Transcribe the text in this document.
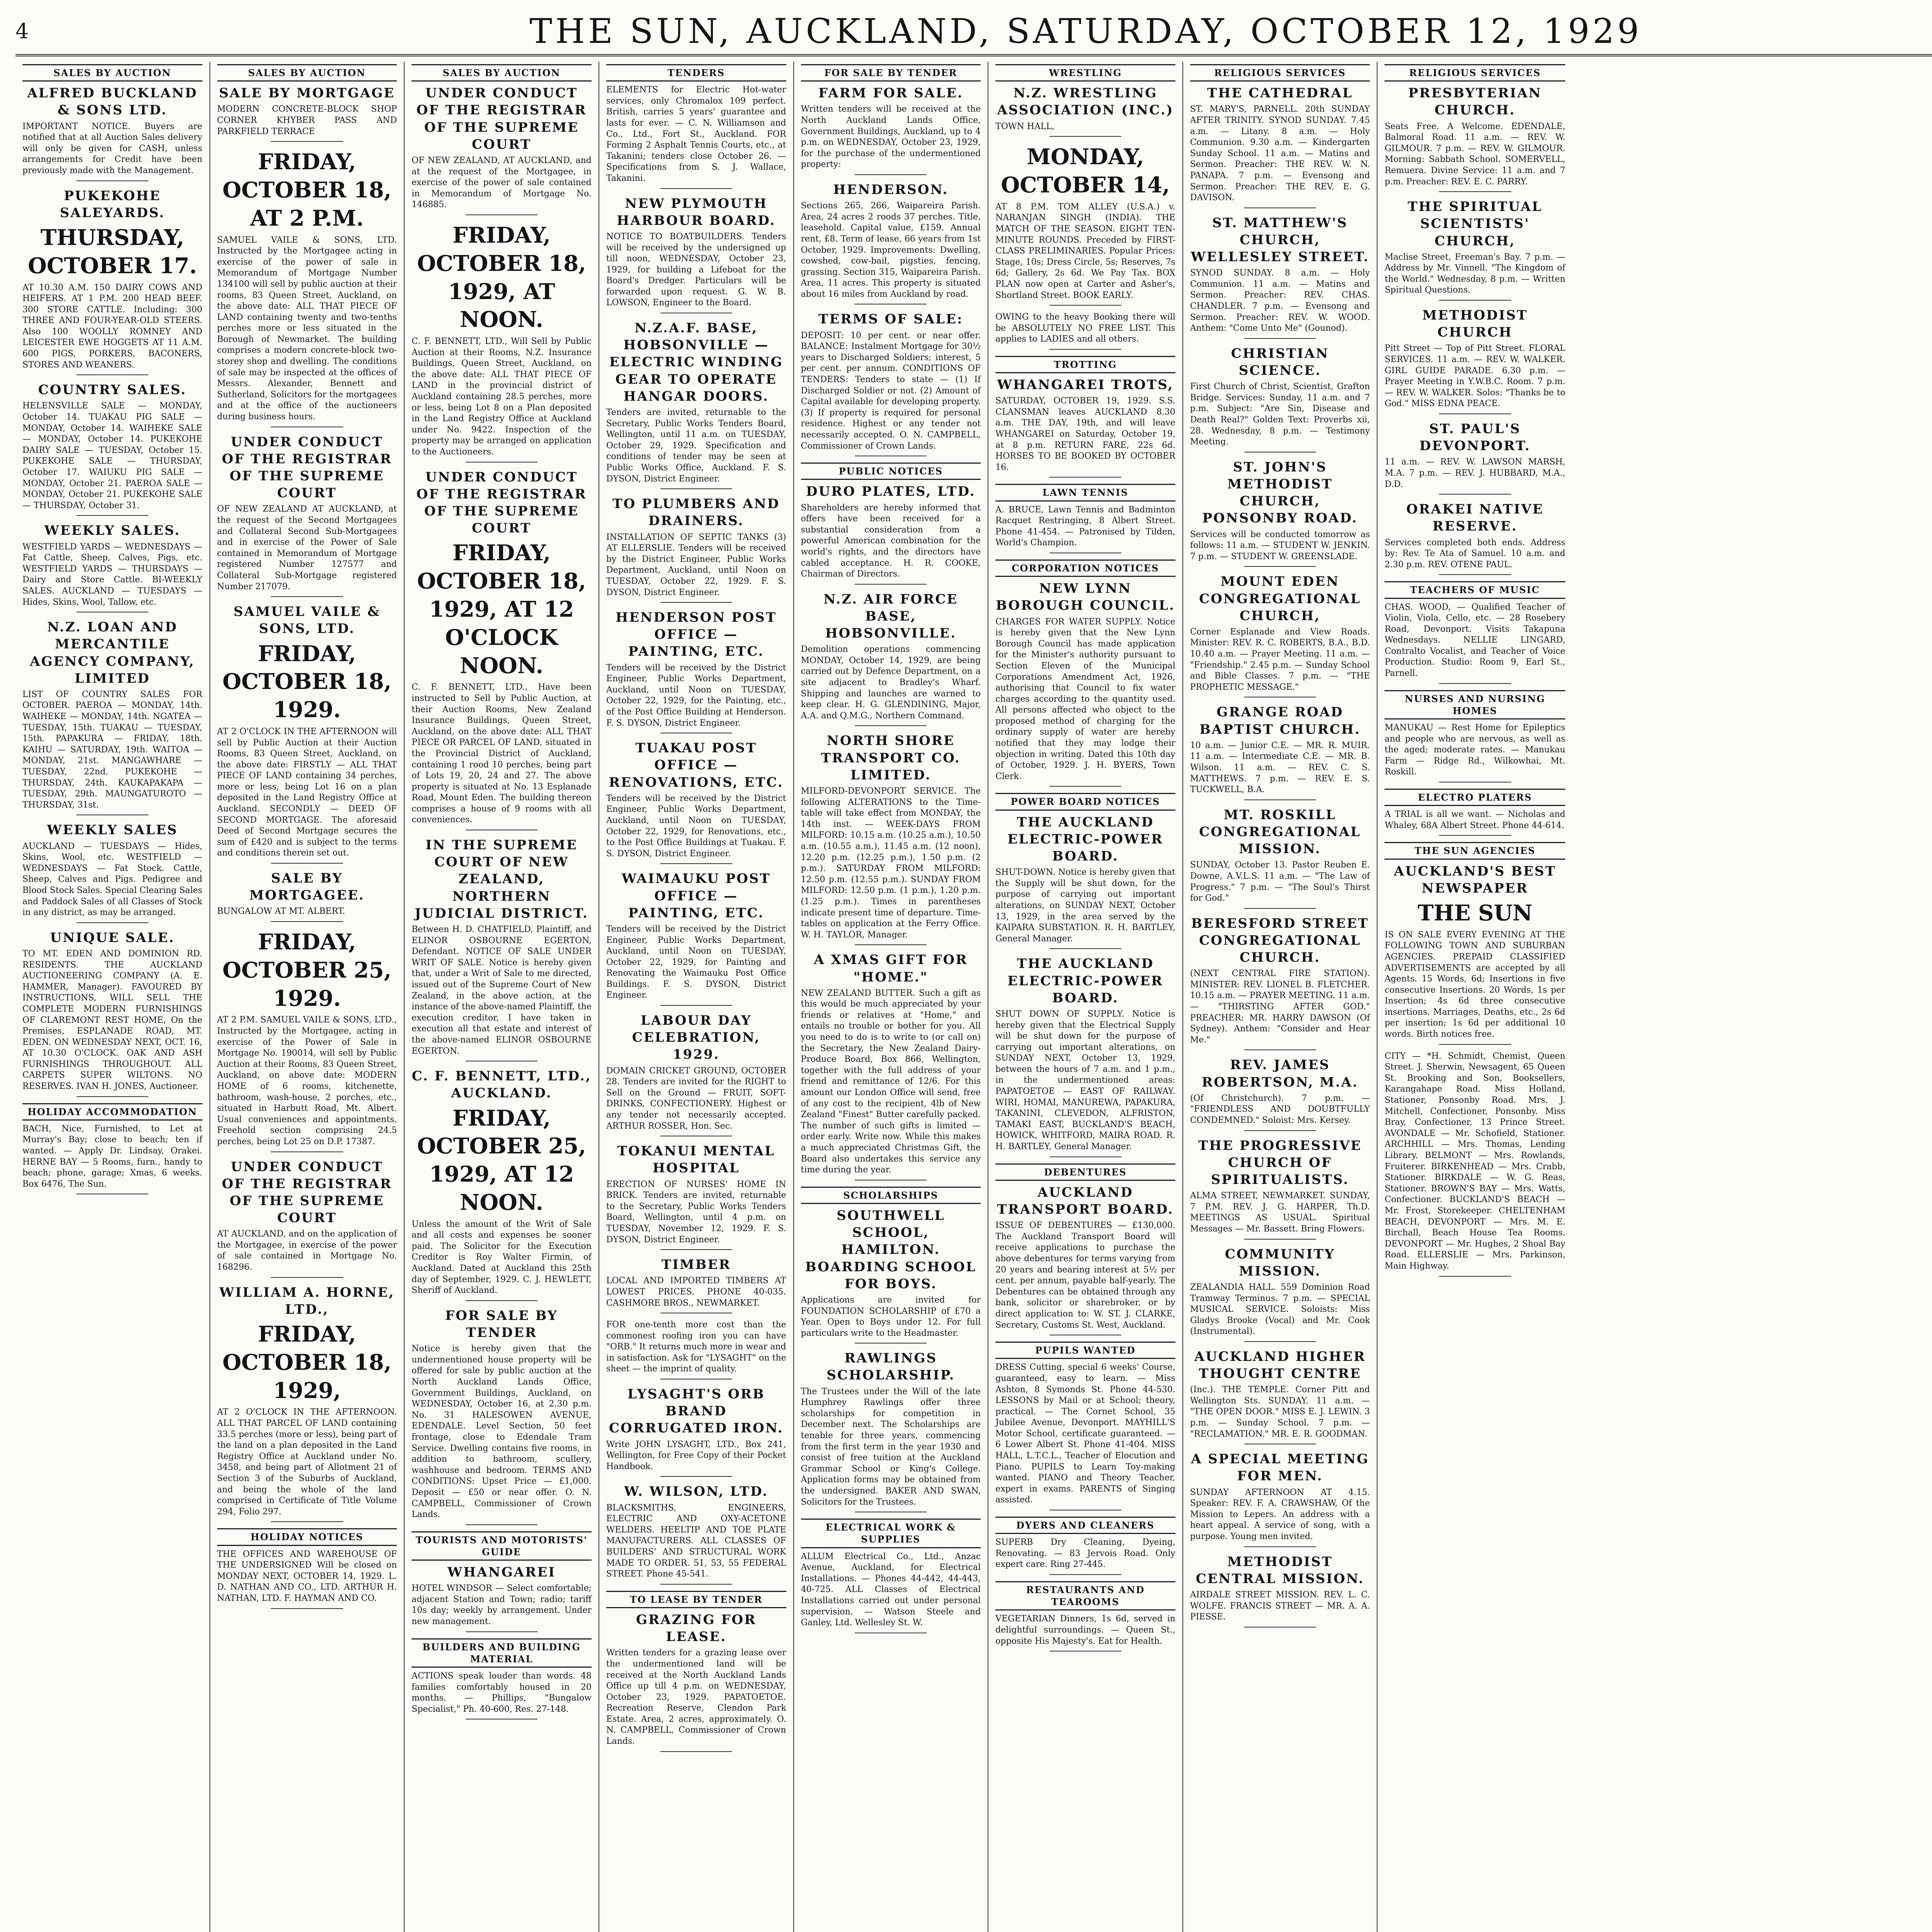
4	THE SUN, AUCKLAND, SATURDAY, OCTOBER 12, 1929
SALES BY AUCTION
ALFRED BUCKLAND & SONS LTD.
IMPORTANT NOTICE. Buyers are notified that at all Auction Sales delivery will only be given for CASH, unless arrangements for Credit have been previously made with the Management.
PUKEKOHE SALEYARDS.
THURSDAY, OCTOBER 17.
AT 10.30 A.M. 150 DAIRY COWS AND HEIFERS. AT 1 P.M. 200 HEAD BEEF. 300 STORE CATTLE. Including: 300 THREE AND FOUR-YEAR-OLD STEERS. Also 100 WOOLLY ROMNEY AND LEICESTER EWE HOGGETS AT 11 A.M. 600 PIGS, PORKERS, BACONERS, STORES AND WEANERS.
COUNTRY SALES.
HELENSVILLE SALE — MONDAY, October 14. TUAKAU PIG SALE — MONDAY, October 14. WAIHEKE SALE — MONDAY, October 14. PUKEKOHE DAIRY SALE — TUESDAY, October 15. PUKEKOHE SALE — THURSDAY, October 17. WAIUKU PIG SALE — MONDAY, October 21. PAEROA SALE — MONDAY, October 21. PUKEKOHE SALE — THURSDAY, October 31.
WEEKLY SALES.
WESTFIELD YARDS — WEDNESDAYS — Fat Cattle, Sheep, Calves, Pigs, etc. WESTFIELD YARDS — THURSDAYS — Dairy and Store Cattle. BI-WEEKLY SALES. AUCKLAND — TUESDAYS — Hides, Skins, Wool, Tallow, etc.
N.Z. LOAN AND MERCANTILE AGENCY COMPANY, LIMITED
LIST OF COUNTRY SALES FOR OCTOBER. PAEROA — MONDAY, 14th. WAIHEKE — MONDAY, 14th. NGATEA — TUESDAY, 15th. TUAKAU — TUESDAY, 15th. PAPAKURA — FRIDAY, 18th. KAIHU — SATURDAY, 19th. WAITOA — MONDAY, 21st. MANGAWHARE — TUESDAY, 22nd. PUKEKOHE — THURSDAY, 24th. KAUKAPAKAPA — TUESDAY, 29th. MAUNGATUROTO — THURSDAY, 31st.
WEEKLY SALES
AUCKLAND — TUESDAYS — Hides, Skins, Wool, etc. WESTFIELD — WEDNESDAYS — Fat Stock. Cattle, Sheep, Calves and Pigs. Pedigree and Blood Stock Sales. Special Clearing Sales and Paddock Sales of all Classes of Stock in any district, as may be arranged.
UNIQUE SALE.
TO MT. EDEN AND DOMINION RD. RESIDENTS. THE AUCKLAND AUCTIONEERING COMPANY (A. E. HAMMER, Manager). FAVOURED BY INSTRUCTIONS, WILL SELL THE COMPLETE MODERN FURNISHINGS OF CLAREMONT REST HOME, On the Premises, ESPLANADE ROAD, MT. EDEN. ON WEDNESDAY NEXT, OCT. 16, AT 10.30 O'CLOCK. OAK AND ASH FURNISHINGS THROUGHOUT. ALL CARPETS SUPER WILTONS. NO RESERVES. IVAN H. JONES, Auctioneer.
HOLIDAY ACCOMMODATION
BACH, Nice, Furnished, to Let at Murray's Bay; close to beach; ten if wanted. — Apply Dr. Lindsay, Orakei. HERNE BAY — 5 Rooms, furn., handy to beach; phone, garage; Xmas, 6 weeks. Box 6476, The Sun.
SALES BY AUCTION
SALE BY MORTGAGE
MODERN CONCRETE-BLOCK SHOP CORNER KHYBER PASS AND PARKFIELD TERRACE
FRIDAY, OCTOBER 18, AT 2 P.M.
SAMUEL VAILE & SONS, LTD. Instructed by the Mortgagee acting in exercise of the power of sale in Memorandum of Mortgage Number 134100 will sell by public auction at their rooms, 83 Queen Street, Auckland, on the above date: ALL THAT PIECE OF LAND containing twenty and two-tenths perches more or less situated in the Borough of Newmarket. The building comprises a modern concrete-block two-storey shop and dwelling. The conditions of sale may be inspected at the offices of Messrs. Alexander, Bennett and Sutherland, Solicitors for the mortgagees and at the office of the auctioneers during business hours.
UNDER CONDUCT OF THE REGISTRAR OF THE SUPREME COURT
OF NEW ZEALAND AT AUCKLAND, at the request of the Second Mortgagees and Collateral Second Sub-Mortgagees and in exercise of the Power of Sale contained in Memorandum of Mortgage registered Number 127577 and Collateral Sub-Mortgage registered Number 217079.
SAMUEL VAILE & SONS, LTD.
FRIDAY, OCTOBER 18, 1929.
AT 2 O'CLOCK IN THE AFTERNOON will sell by Public Auction at their Auction Rooms, 83 Queen Street, Auckland, on the above date: FIRSTLY — ALL THAT PIECE OF LAND containing 34 perches, more or less, being Lot 16 on a plan deposited in the Land Registry Office at Auckland. SECONDLY — DEED OF SECOND MORTGAGE. The aforesaid Deed of Second Mortgage secures the sum of £420 and is subject to the terms and conditions therein set out.
SALE BY MORTGAGEE.
BUNGALOW AT MT. ALBERT.
FRIDAY, OCTOBER 25, 1929.
AT 2 P.M. SAMUEL VAILE & SONS, LTD., Instructed by the Mortgagee, acting in exercise of the Power of Sale in Mortgage No. 190014, will sell by Public Auction at their Rooms, 83 Queen Street, Auckland, on above date: MODERN HOME of 6 rooms, kitchenette, bathroom, wash-house, 2 porches, etc., situated in Harbutt Road, Mt. Albert. Usual conveniences and appointments. Freehold section comprising 24.5 perches, being Lot 25 on D.P. 17387.
UNDER CONDUCT OF THE REGISTRAR OF THE SUPREME COURT
AT AUCKLAND, and on the application of the Mortgagee, in exercise of the power of sale contained in Mortgage No. 168296.
WILLIAM A. HORNE, LTD.,
FRIDAY, OCTOBER 18, 1929,
AT 2 O'CLOCK IN THE AFTERNOON. ALL THAT PARCEL OF LAND containing 33.5 perches (more or less), being part of the land on a plan deposited in the Land Registry Office at Auckland under No. 3458, and being part of Allotment 21 of Section 3 of the Suburbs of Auckland, and being the whole of the land comprised in Certificate of Title Volume 294, Folio 297.
HOLIDAY NOTICES
THE OFFICES AND WAREHOUSE OF THE UNDERSIGNED Will be closed on MONDAY NEXT, OCTOBER 14, 1929. L. D. NATHAN AND CO., LTD. ARTHUR H. NATHAN, LTD. F. HAYMAN AND CO.
SALES BY AUCTION
UNDER CONDUCT OF THE REGISTRAR OF THE SUPREME COURT
OF NEW ZEALAND, AT AUCKLAND, and at the request of the Mortgagee, in exercise of the power of sale contained in Memorandum of Mortgage No. 146885.
FRIDAY, OCTOBER 18, 1929, AT NOON.
C. F. BENNETT, LTD., Will Sell by Public Auction at their Rooms, N.Z. Insurance Buildings, Queen Street, Auckland, on the above date: ALL THAT PIECE OF LAND in the provincial district of Auckland containing 28.5 perches, more or less, being Lot 8 on a Plan deposited in the Land Registry Office at Auckland under No. 9422. Inspection of the property may be arranged on application to the Auctioneers.
UNDER CONDUCT OF THE REGISTRAR OF THE SUPREME COURT
FRIDAY, OCTOBER 18, 1929, AT 12 O'CLOCK NOON.
C. F. BENNETT, LTD., Have been instructed to Sell by Public Auction, at their Auction Rooms, New Zealand Insurance Buildings, Queen Street, Auckland, on the above date: ALL THAT PIECE OR PARCEL OF LAND, situated in the Provincial District of Auckland, containing 1 rood 10 perches, being part of Lots 19, 20, 24 and 27. The above property is situated at No. 13 Esplanade Road, Mount Eden. The building thereon comprises a house of 9 rooms with all conveniences.
IN THE SUPREME COURT OF NEW ZEALAND, NORTHERN JUDICIAL DISTRICT.
Between H. D. CHATFIELD, Plaintiff, and ELINOR OSBOURNE EGERTON, Defendant. NOTICE OF SALE UNDER WRIT OF SALE. Notice is hereby given that, under a Writ of Sale to me directed, issued out of the Supreme Court of New Zealand, in the above action, at the instance of the above-named Plaintiff, the execution creditor, I have taken in execution all that estate and interest of the above-named ELINOR OSBOURNE EGERTON.
C. F. BENNETT, LTD., AUCKLAND.
FRIDAY, OCTOBER 25, 1929, AT 12 NOON.
Unless the amount of the Writ of Sale and all costs and expenses be sooner paid. The Solicitor for the Execution Creditor is Roy Walter Firmin, of Auckland. Dated at Auckland this 25th day of September, 1929. C. J. HEWLETT, Sheriff of Auckland.
FOR SALE BY TENDER
Notice is hereby given that the undermentioned house property will be offered for sale by public auction at the North Auckland Lands Office, Government Buildings, Auckland, on WEDNESDAY, October 16, at 2.30 p.m. No. 31 HALESOWEN AVENUE, EDENDALE. Level Section, 50 feet frontage, close to Edendale Tram Service. Dwelling contains five rooms, in addition to bathroom, scullery, washhouse and bedroom. TERMS AND CONDITIONS: Upset Price — £1,000. Deposit — £50 or near offer. O. N. CAMPBELL, Commissioner of Crown Lands.
TOURISTS AND MOTORISTS' GUIDE
WHANGAREI
HOTEL WINDSOR — Select comfortable; adjacent Station and Town; radio; tariff 10s day; weekly by arrangement. Under new management.
BUILDERS AND BUILDING MATERIAL
ACTIONS speak louder than words. 48 families comfortably housed in 20 months. — Phillips, "Bungalow Specialist," Ph. 40-600, Res. 27-148.
TENDERS
ELEMENTS for Electric Hot-water services, only Chromalox 109 perfect. British, carries 5 years' guarantee and lasts for ever. — C. N. Williamson and Co., Ltd., Fort St., Auckland. FOR Forming 2 Asphalt Tennis Courts, etc., at Takanini; tenders close October 26. — Specifications from S. J. Wallace, Takanini.
NEW PLYMOUTH HARBOUR BOARD.
NOTICE TO BOATBUILDERS. Tenders will be received by the undersigned up till noon, WEDNESDAY, October 23, 1929, for building a Lifeboat for the Board's Dredger. Particulars will be forwarded upon request. G. W. B. LOWSON, Engineer to the Board.
N.Z.A.F. BASE, HOBSONVILLE — ELECTRIC WINDING GEAR TO OPERATE HANGAR DOORS.
Tenders are invited, returnable to the Secretary, Public Works Tenders Board, Wellington, until 11 a.m. on TUESDAY, October 29, 1929. Specification and conditions of tender may be seen at Public Works Office, Auckland. F. S. DYSON, District Engineer.
TO PLUMBERS AND DRAINERS.
INSTALLATION OF SEPTIC TANKS (3) AT ELLERSLIE. Tenders will be received by the District Engineer, Public Works Department, Auckland, until Noon on TUESDAY, October 22, 1929. F. S. DYSON, District Engineer.
HENDERSON POST OFFICE — PAINTING, ETC.
Tenders will be received by the District Engineer, Public Works Department, Auckland, until Noon on TUESDAY, October 22, 1929, for the Painting, etc., of the Post Office Building at Henderson. F. S. DYSON, District Engineer.
TUAKAU POST OFFICE — RENOVATIONS, ETC.
Tenders will be received by the District Engineer, Public Works Department, Auckland, until Noon on TUESDAY, October 22, 1929, for Renovations, etc., to the Post Office Buildings at Tuakau. F. S. DYSON, District Engineer.
WAIMAUKU POST OFFICE — PAINTING, ETC.
Tenders will be received by the District Engineer, Public Works Department, Auckland, until Noon on TUESDAY, October 22, 1929, for Painting and Renovating the Waimauku Post Office Buildings. F. S. DYSON, District Engineer.
LABOUR DAY CELEBRATION, 1929.
DOMAIN CRICKET GROUND, OCTOBER 28. Tenders are invited for the RIGHT to Sell on the Ground — FRUIT, SOFT-DRINKS, CONFECTIONERY. Highest or any tender not necessarily accepted. ARTHUR ROSSER, Hon. Sec.
TOKANUI MENTAL HOSPITAL
ERECTION OF NURSES' HOME IN BRICK. Tenders are invited, returnable to the Secretary, Public Works Tenders Board, Wellington, until 4 p.m. on TUESDAY, November 12, 1929. F. S. DYSON, District Engineer.
TIMBER
LOCAL AND IMPORTED TIMBERS AT LOWEST PRICES. PHONE 40-035. CASHMORE BROS., NEWMARKET.
FOR one-tenth more cost than the commonest roofing iron you can have "ORB." It returns much more in wear and in satisfaction. Ask for "LYSAGHT" on the sheet — the imprint of quality.
LYSAGHT'S ORB BRAND CORRUGATED IRON.
Write JOHN LYSAGHT, LTD., Box 241, Wellington, for Free Copy of their Pocket Handbook.
W. WILSON, LTD.
BLACKSMITHS, ENGINEERS, ELECTRIC AND OXY-ACETONE WELDERS. HEELTIP AND TOE PLATE MANUFACTURERS. ALL CLASSES OF BUILDERS' AND STRUCTURAL WORK MADE TO ORDER. 51, 53, 55 FEDERAL STREET. Phone 45-541.
TO LEASE BY TENDER
GRAZING FOR LEASE.
Written tenders for a grazing lease over the undermentioned land will be received at the North Auckland Lands Office up till 4 p.m. on WEDNESDAY, October 23, 1929. PAPATOETOE. Recreation Reserve, Clendon Park Estate. Area, 2 acres, approximately. O. N. CAMPBELL, Commissioner of Crown Lands.
FOR SALE BY TENDER
FARM FOR SALE.
Written tenders will be received at the North Auckland Lands Office, Government Buildings, Auckland, up to 4 p.m. on WEDNESDAY, October 23, 1929, for the purchase of the undermentioned property:
HENDERSON.
Sections 265, 266, Waipareira Parish. Area, 24 acres 2 roods 37 perches. Title, leasehold. Capital value, £159. Annual rent, £8. Term of lease, 66 years from 1st October, 1929. Improvements: Dwelling, cowshed, cow-bail, pigsties, fencing, grassing. Section 315, Waipareira Parish. Area, 11 acres. This property is situated about 16 miles from Auckland by road.
TERMS OF SALE:
DEPOSIT: 10 per cent. or near offer. BALANCE: Instalment Mortgage for 30½ years to Discharged Soldiers; interest, 5 per cent. per annum. CONDITIONS OF TENDERS: Tenders to state — (1) If Discharged Soldier or not. (2) Amount of Capital available for developing property. (3) If property is required for personal residence. Highest or any tender not necessarily accepted. O. N. CAMPBELL, Commissioner of Crown Lands.
PUBLIC NOTICES
DURO PLATES, LTD.
Shareholders are hereby informed that offers have been received for a substantial consideration from a powerful American combination for the world's rights, and the directors have cabled acceptance. H. R. COOKE, Chairman of Directors.
N.Z. AIR FORCE BASE, HOBSONVILLE.
Demolition operations commencing MONDAY, October 14, 1929, are being carried out by Defence Department, on a site adjacent to Bradley's Wharf. Shipping and launches are warned to keep clear. H. G. GLENDINING, Major, A.A. and Q.M.G., Northern Command.
NORTH SHORE TRANSPORT CO. LIMITED.
MILFORD-DEVONPORT SERVICE. The following ALTERATIONS to the Time-table will take effect from MONDAY, the 14th inst. — WEEK-DAYS FROM MILFORD: 10.15 a.m. (10.25 a.m.), 10.50 a.m. (10.55 a.m.), 11.45 a.m. (12 noon), 12.20 p.m. (12.25 p.m.), 1.50 p.m. (2 p.m.). SATURDAY FROM MILFORD: 12.50 p.m. (12.55 p.m.). SUNDAY FROM MILFORD: 12.50 p.m. (1 p.m.), 1.20 p.m. (1.25 p.m.). Times in parentheses indicate present time of departure. Time-tables on application at the Ferry Office. W. H. TAYLOR, Manager.
A XMAS GIFT FOR "HOME."
NEW ZEALAND BUTTER. Such a gift as this would be much appreciated by your friends or relatives at "Home," and entails no trouble or bother for you. All you need to do is to write to (or call on) the Secretary, the New Zealand Dairy-Produce Board, Box 866, Wellington, together with the full address of your friend and remittance of 12/6. For this amount our London Office will send, free of any cost to the recipient, 4lb of New Zealand "Finest" Butter carefully packed. The number of such gifts is limited — order early. Write now. While this makes a much appreciated Christmas Gift, the Board also undertakes this service any time during the year.
SCHOLARSHIPS
SOUTHWELL SCHOOL, HAMILTON. BOARDING SCHOOL FOR BOYS.
Applications are invited for FOUNDATION SCHOLARSHIP of £70 a Year. Open to Boys under 12. For full particulars write to the Headmaster.
RAWLINGS SCHOLARSHIP.
The Trustees under the Will of the late Humphrey Rawlings offer three scholarships for competition in December next. The Scholarships are tenable for three years, commencing from the first term in the year 1930 and consist of free tuition at the Auckland Grammar School or King's College. Application forms may be obtained from the undersigned. BAKER AND SWAN, Solicitors for the Trustees.
ELECTRICAL WORK & SUPPLIES
ALLUM Electrical Co., Ltd., Anzac Avenue, Auckland, for Electrical Installations. — Phones 44-442, 44-443, 40-725. ALL Classes of Electrical Installations carried out under personal supervision. — Watson Steele and Ganley, Ltd. Wellesley St. W.
WRESTLING
N.Z. WRESTLING ASSOCIATION (INC.)
TOWN HALL,
MONDAY, OCTOBER 14,
AT 8 P.M. TOM ALLEY (U.S.A.) v. NARANJAN SINGH (INDIA). THE MATCH OF THE SEASON. EIGHT TEN-MINUTE ROUNDS. Preceded by FIRST-CLASS PRELIMINARIES. Popular Prices: Stage, 10s; Dress Circle, 5s; Reserves, 7s 6d; Gallery, 2s 6d. We Pay Tax. BOX PLAN now open at Carter and Asher's, Shortland Street. BOOK EARLY.
OWING to the heavy Booking there will be ABSOLUTELY NO FREE LIST. This applies to LADIES and all others.
TROTTING
WHANGAREI TROTS,
SATURDAY, OCTOBER 19, 1929. S.S. CLANSMAN leaves AUCKLAND 8.30 a.m. THE DAY, 19th, and will leave WHANGAREI on Saturday, October 19, at 8 p.m. RETURN FARE, 22s 6d. HORSES TO BE BOOKED BY OCTOBER 16.
LAWN TENNIS
A. BRUCE, Lawn Tennis and Badminton Racquet Restringing, 8 Albert Street. Phone 41-454. — Patronised by Tilden, World's Champion.
CORPORATION NOTICES
NEW LYNN BOROUGH COUNCIL.
CHARGES FOR WATER SUPPLY. Notice is hereby given that the New Lynn Borough Council has made application for the Minister's authority pursuant to Section Eleven of the Municipal Corporations Amendment Act, 1926, authorising that Council to fix water charges according to the quantity used. All persons affected who object to the proposed method of charging for the ordinary supply of water are hereby notified that they may lodge their objection in writing. Dated this 10th day of October, 1929. J. H. BYERS, Town Clerk.
POWER BOARD NOTICES
THE AUCKLAND ELECTRIC-POWER BOARD.
SHUT-DOWN. Notice is hereby given that the Supply will be shut down, for the purpose of carrying out important alterations, on SUNDAY NEXT, October 13, 1929, in the area served by the KAIPARA SUBSTATION. R. H. BARTLEY, General Manager.
THE AUCKLAND ELECTRIC-POWER BOARD.
SHUT DOWN OF SUPPLY. Notice is hereby given that the Electrical Supply will be shut down for the purpose of carrying out important alterations, on SUNDAY NEXT, October 13, 1929, between the hours of 7 a.m. and 1 p.m., in the undermentioned areas: PAPATOETOE — EAST OF RAILWAY. WIRI, HOMAI, MANUREWA, PAPAKURA, TAKANINI, CLEVEDON, ALFRISTON, TAMAKI EAST, BUCKLAND'S BEACH, HOWICK, WHITFORD, MAIRA ROAD. R. H. BARTLEY, General Manager.
DEBENTURES
AUCKLAND TRANSPORT BOARD.
ISSUE OF DEBENTURES — £130,000. The Auckland Transport Board will receive applications to purchase the above debentures for terms varying from 20 years and bearing interest at 5½ per cent. per annum, payable half-yearly. The Debentures can be obtained through any bank, solicitor or sharebroker, or by direct application to: W. ST. J. CLARKE, Secretary, Customs St. West, Auckland.
PUPILS WANTED
DRESS Cutting, special 6 weeks' Course, guaranteed, easy to learn. — Miss Ashton, 8 Symonds St. Phone 44-530. LESSONS by Mail or at School; theory, practical. — The Cornet School, 35 Jubilee Avenue, Devonport. MAYHILL'S Motor School, certificate guaranteed. — 6 Lower Albert St. Phone 41-404. MISS HALL, L.T.C.L., Teacher of Elocution and Piano. PUPILS to Learn Toy-making wanted. PIANO and Theory Teacher, expert in exams. PARENTS of Singing assisted.
DYERS AND CLEANERS
SUPERB Dry Cleaning, Dyeing, Renovating. — 83 Jervois Road. Only expert care. Ring 27-445.
RESTAURANTS AND TEAROOMS
VEGETARIAN Dinners, 1s 6d, served in delightful surroundings. — Queen St., opposite His Majesty's. Eat for Health.
RELIGIOUS SERVICES
THE CATHEDRAL
ST. MARY'S, PARNELL. 20th SUNDAY AFTER TRINITY. SYNOD SUNDAY. 7.45 a.m. — Litany. 8 a.m. — Holy Communion. 9.30 a.m. — Kindergarten Sunday School. 11 a.m. — Matins and Sermon. Preacher: THE REV. W. N. PANAPA. 7 p.m. — Evensong and Sermon. Preacher: THE REV. E. G. DAVISON.
ST. MATTHEW'S CHURCH, WELLESLEY STREET.
SYNOD SUNDAY. 8 a.m. — Holy Communion. 11 a.m. — Matins and Sermon. Preacher: REV. CHAS. CHANDLER. 7 p.m. — Evensong and Sermon. Preacher: REV. W. WOOD. Anthem: "Come Unto Me" (Gounod).
CHRISTIAN SCIENCE.
First Church of Christ, Scientist, Grafton Bridge. Services: Sunday, 11 a.m. and 7 p.m. Subject: "Are Sin, Disease and Death Real?" Golden Text: Proverbs xii, 28. Wednesday, 8 p.m. — Testimony Meeting.
ST. JOHN'S METHODIST CHURCH, PONSONBY ROAD.
Services will be conducted tomorrow as follows: 11 a.m. — STUDENT W. JENKIN. 7 p.m. — STUDENT W. GREENSLADE.
MOUNT EDEN CONGREGATIONAL CHURCH,
Corner Esplanade and View Roads. Minister: REV. R. C. ROBERTS, B.A., B.D. 10.40 a.m. — Prayer Meeting. 11 a.m. — "Friendship." 2.45 p.m. — Sunday School and Bible Classes. 7 p.m. — "THE PROPHETIC MESSAGE."
GRANGE ROAD BAPTIST CHURCH.
10 a.m. — Junior C.E. — MR. R. MUIR. 11 a.m. — Intermediate C.E. — MR. B. Wilson. 11 a.m. — REV. C. S. MATTHEWS. 7 p.m. — REV. E. S. TUCKWELL, B.A.
MT. ROSKILL CONGREGATIONAL MISSION.
SUNDAY, October 13. Pastor Reuben E. Downe, A.V.L.S. 11 a.m. — "The Law of Progress." 7 p.m. — "The Soul's Thirst for God."
BERESFORD STREET CONGREGATIONAL CHURCH.
(NEXT CENTRAL FIRE STATION). MINISTER: REV. LIONEL B. FLETCHER. 10.15 a.m. — PRAYER MEETING. 11 a.m. — "THIRSTING AFTER GOD." PREACHER: MR. HARRY DAWSON (Of Sydney). Anthem: "Consider and Hear Me."
REV. JAMES ROBERTSON, M.A.
(Of Christchurch). 7 p.m. — "FRIENDLESS AND DOUBTFULLY CONDEMNED." Soloist: Mrs. Kersey.
THE PROGRESSIVE CHURCH OF SPIRITUALISTS.
ALMA STREET, NEWMARKET. SUNDAY, 7 P.M. REV. J. G. HARPER, Th.D. MEETINGS AS USUAL. Spiritual Messages — Mr. Bassett. Bring Flowers.
COMMUNITY MISSION.
ZEALANDIA HALL. 559 Dominion Road Tramway Terminus. 7 p.m. — SPECIAL MUSICAL SERVICE. Soloists: Miss Gladys Brooke (Vocal) and Mr. Cook (Instrumental).
AUCKLAND HIGHER THOUGHT CENTRE
(Inc.). THE TEMPLE. Corner Pitt and Wellington Sts. SUNDAY. 11 a.m. — "THE OPEN DOOR." MISS E. J. LEWIN. 3 p.m. — Sunday School. 7 p.m. — "RECLAMATION." MR. E. R. GOODMAN.
A SPECIAL MEETING FOR MEN.
SUNDAY AFTERNOON AT 4.15. Speaker: REV. F. A. CRAWSHAW, Of the Mission to Lepers. An address with a heart appeal. A service of song, with a purpose. Young men invited.
METHODIST CENTRAL MISSION.
AIRDALE STREET MISSION. REV. L. C. WOLFE. FRANCIS STREET — MR. A. A. PIESSE.
RELIGIOUS SERVICES
PRESBYTERIAN CHURCH.
Seats Free. A Welcome. EDENDALE, Balmoral Road. 11 a.m. — REV. W. GILMOUR. 7 p.m. — REV. W. GILMOUR. Morning: Sabbath School. SOMERVELL, Remuera. Divine Service: 11 a.m. and 7 p.m. Preacher: REV. E. C. PARRY.
THE SPIRITUAL SCIENTISTS' CHURCH,
Maclise Street, Freeman's Bay. 7 p.m. — Address by Mr. Vinnell. "The Kingdom of the World." Wednesday, 8 p.m. — Written Spiritual Questions.
METHODIST CHURCH
Pitt Street — Top of Pitt Street. FLORAL SERVICES. 11 a.m. — REV. W. WALKER. GIRL GUIDE PARADE. 6.30 p.m. — Prayer Meeting in Y.W.B.C. Room. 7 p.m. — REV. W. WALKER. Solos: "Thanks be to God." MISS EDNA PEACE.
ST. PAUL'S DEVONPORT.
11 a.m. — REV. W. LAWSON MARSH, M.A. 7 p.m. — REV. J. HUBBARD, M.A., D.D.
ORAKEI NATIVE RESERVE.
Services completed both ends. Address by: Rev. Te Ata of Samuel. 10 a.m. and 2.30 p.m. REV. OTENE PAUL.
TEACHERS OF MUSIC
CHAS. WOOD, — Qualified Teacher of Violin, Viola, Cello, etc. — 28 Rosebery Road, Devonport. Visits Takapuna Wednesdays. NELLIE LINGARD, Contralto Vocalist, and Teacher of Voice Production. Studio: Room 9, Earl St., Parnell.
NURSES AND NURSING HOMES
MANUKAU — Rest Home for Epileptics and people who are nervous, as well as the aged; moderate rates. — Manukau Farm — Ridge Rd., Wilkowhai, Mt. Roskill.
ELECTRO PLATERS
A TRIAL is all we want. — Nicholas and Whaley, 68A Albert Street. Phone 44-614.
THE SUN AGENCIES
AUCKLAND'S BEST NEWSPAPER
THE SUN
IS ON SALE EVERY EVENING AT THE FOLLOWING TOWN AND SUBURBAN AGENCIES. PREPAID CLASSIFIED ADVERTISEMENTS are accepted by all Agents. 15 Words, 6d; Insertions in five consecutive Insertions. 20 Words, 1s per Insertion; 4s 6d three consecutive insertions. Marriages, Deaths, etc., 2s 6d per insertion; 1s 6d per additional 10 words. Birth notices free.
CITY — *H. Schmidt, Chemist, Queen Street. J. Sherwin, Newsagent, 65 Queen St. Brooking and Son, Booksellers, Karangahape Road. Miss Holland, Stationer, Ponsonby Road. Mrs. J. Mitchell, Confectioner, Ponsonby. Miss Bray, Confectioner, 13 Prince Street. AVONDALE — Mr. Schofield, Stationer. ARCHHILL — Mrs. Thomas, Lending Library. BELMONT — Mrs. Rowlands, Fruiterer. BIRKENHEAD — Mrs. Crabb, Stationer. BIRKDALE — W. G. Reas, Stationer. BROWN'S BAY — Mrs. Watts, Confectioner. BUCKLAND'S BEACH — Mr. Frost, Storekeeper. CHELTENHAM BEACH, DEVONPORT — Mrs. M. E. Birchall, Beach House Tea Rooms. DEVONPORT — Mr. Hughes, 2 Shoal Bay Road. ELLERSLIE — Mrs. Parkinson, Main Highway.
